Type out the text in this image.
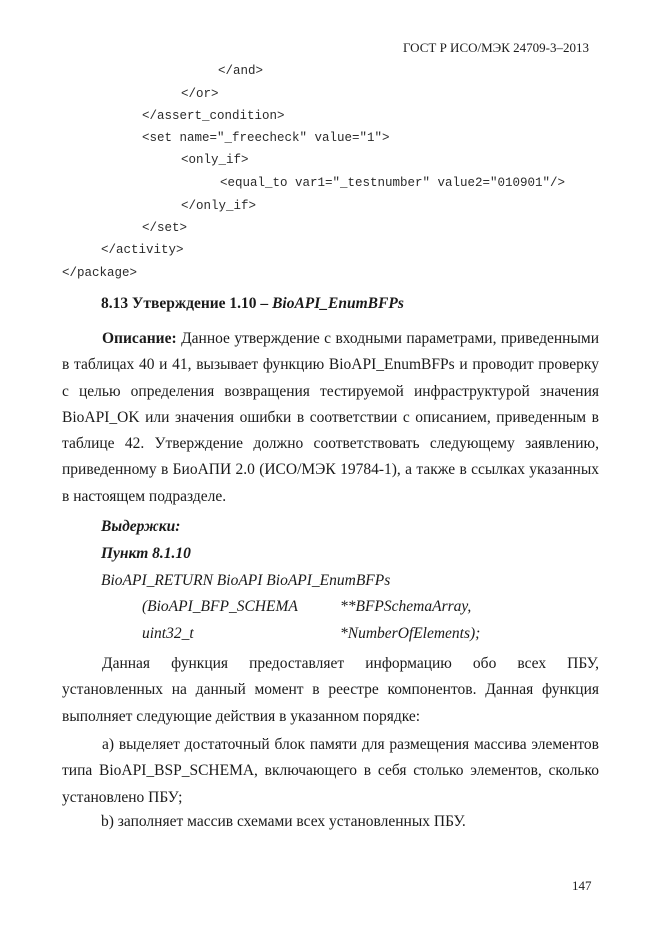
ГОСТ Р ИСО/МЭК 24709-3–2013
</and>
</or>
</assert_condition>
<set name="_freecheck" value="1">
<only_if>
<equal_to var1="_testnumber" value2="010901"/>
</only_if>
</set>
</activity>
</package>
8.13 Утверждение 1.10 – BioAPI_EnumBFPs
Описание: Данное утверждение с входными параметрами, приведенными в таблицах 40 и 41, вызывает функцию BioAPI_EnumBFPs и проводит проверку с целью определения возвращения тестируемой инфраструктурой значения BioAPI_OK или значения ошибки в соответствии с описанием, приведенным в таблице 42. Утверждение должно соответствовать следующему заявлению, приведенному в БиоАПИ 2.0 (ИСО/МЭК 19784-1), а также в ссылках указанных в настоящем подразделе.
Выдержки:
Пункт 8.1.10
BioAPI_RETURN BioAPI BioAPI_EnumBFPs
(BioAPI_BFP_SCHEMA	**BFPSchemaArray,
uint32_t	*NumberOfElements);
Данная функция предоставляет информацию обо всех ПБУ, установленных на данный момент в реестре компонентов. Данная функция выполняет следующие действия в указанном порядке:
а) выделяет достаточный блок памяти для размещения массива элементов типа BioAPI_BSP_SCHEMA, включающего в себя столько элементов, сколько установлено ПБУ;
b) заполняет массив схемами всех установленных ПБУ.
147
